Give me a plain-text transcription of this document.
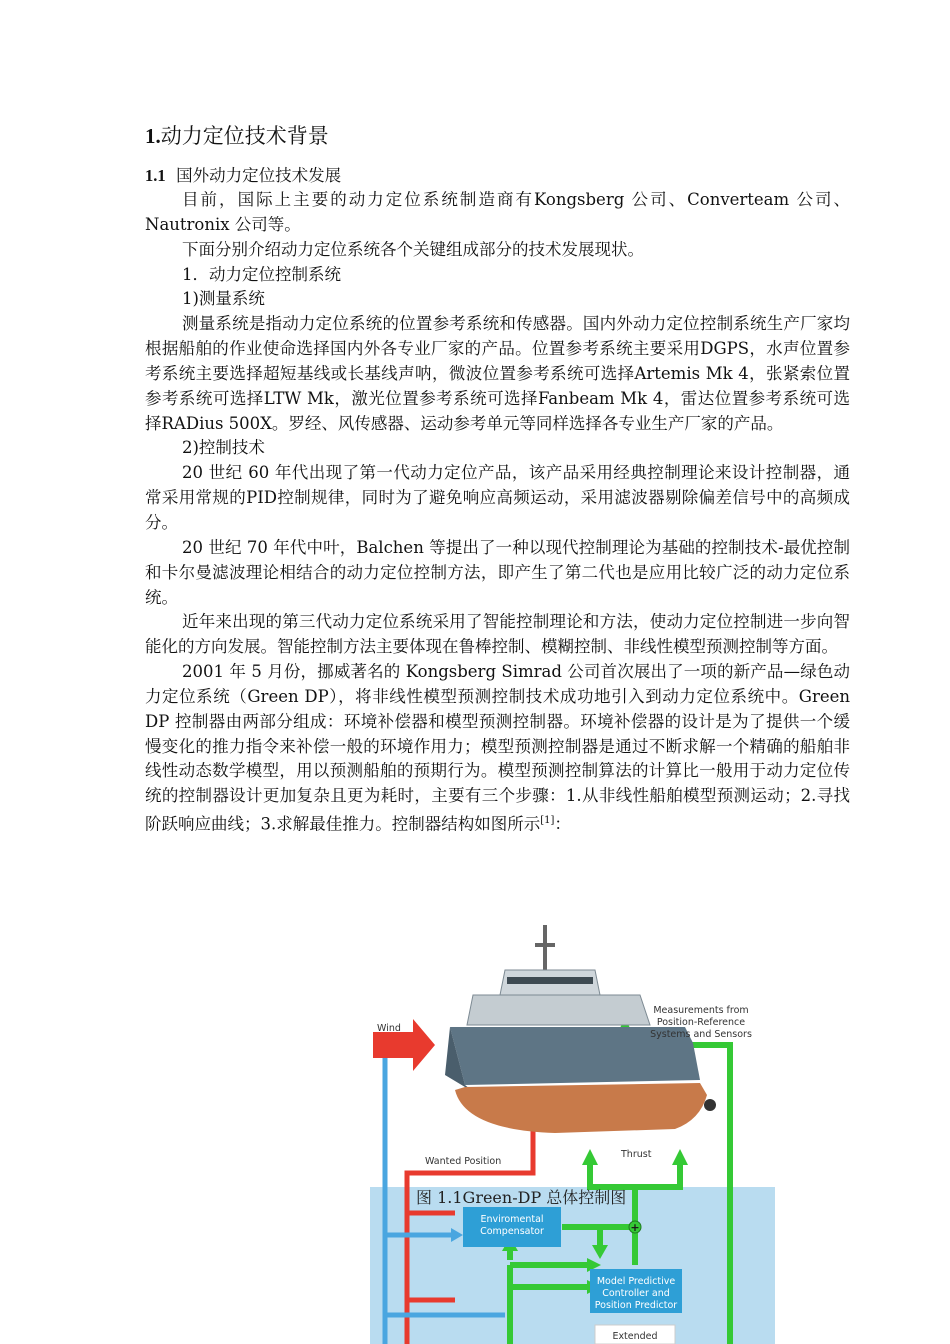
1.动力定位技术背景
1.1 国外动力定位技术发展

目前，国际上主要的动力定位系统制造商有Kongsberg 公司、Converteam 公司、Nautronix 公司等。

下面分别介绍动力定位系统各个关键组成部分的技术发展现状。

1．动力定位控制系统

1)测量系统

测量系统是指动力定位系统的位置参考系统和传感器。国内外动力定位控制系统生产厂家均根据船舶的作业使命选择国内外各专业厂家的产品。位置参考系统主要采用DGPS，水声位置参考系统主要选择超短基线或长基线声呐，微波位置参考系统可选择Artemis Mk 4，张紧索位置参考系统可选择LTW Mk，激光位置参考系统可选择Fanbeam Mk 4，雷达位置参考系统可选择RADius 500X。罗经、风传感器、运动参考单元等同样选择各专业生产厂家的产品。

2)控制技术

20 世纪 60 年代出现了第一代动力定位产品，该产品采用经典控制理论来设计控制器，通常采用常规的PID控制规律，同时为了避免响应高频运动，采用滤波器剔除偏差信号中的高频成分。

20 世纪 70 年代中叶，Balchen 等提出了一种以现代控制理论为基础的控制技术-最优控制和卡尔曼滤波理论相结合的动力定位控制方法，即产生了第二代也是应用比较广泛的动力定位系统。

近年来出现的第三代动力定位系统采用了智能控制理论和方法，使动力定位控制进一步向智能化的方向发展。智能控制方法主要体现在鲁棒控制、模糊控制、非线性模型预测控制等方面。

2001 年 5 月份，挪威著名的 Kongsberg Simrad 公司首次展出了一项的新产品—绿色动力定位系统（Green DP），将非线性模型预测控制技术成功地引入到动力定位系统中。Green DP 控制器由两部分组成：环境补偿器和模型预测控制器。环境补偿器的设计是为了提供一个缓慢变化的推力指令来补偿一般的环境作用力；模型预测控制器是通过不断求解一个精确的船舶非线性动态数学模型，用以预测船舶的预期行为。模型预测控制算法的计算比一般用于动力定位传统的控制器设计更加复杂且更为耗时，主要有三个步骤：1.从非线性船舶模型预测运动；2.寻找阶跃响应曲线；3.求解最佳推力。控制器结构如图所示[1]：

Enviromental
Compensator
Model Predictive
Controller and
Position Predictor
Extended
+
Wind
Measurements from
Position-Reference
Systems and Sensors
Wanted Position
Thrust
图 1.1Green-DP 总体控制图
